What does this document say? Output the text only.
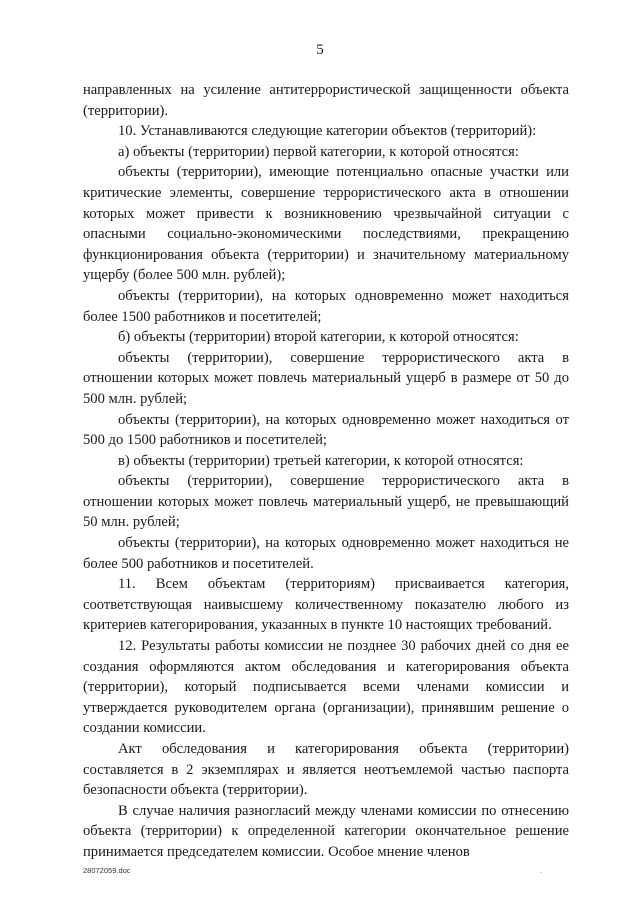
5

направленных на усиление антитеррористической защищенности объекта (территории).

10. Устанавливаются следующие категории объектов (территорий):

а) объекты (территории) первой категории, к которой относятся:

объекты (территории), имеющие потенциально опасные участки или критические элементы, совершение террористического акта в отношении которых может привести к возникновению чрезвычайной ситуации с опасными социально-экономическими последствиями, прекращению функционирования объекта (территории) и значительному материальному ущербу (более 500 млн. рублей);

объекты (территории), на которых одновременно может находиться более 1500 работников и посетителей;

б) объекты (территории) второй категории, к которой относятся:

объекты (территории), совершение террористического акта в отношении которых может повлечь материальный ущерб в размере от 50 до 500 млн. рублей;

объекты (территории), на которых одновременно может находиться от 500 до 1500 работников и посетителей;

в) объекты (территории) третьей категории, к которой относятся:

объекты (территории), совершение террористического акта в отношении которых может повлечь материальный ущерб, не превышающий 50 млн. рублей;

объекты (территории), на которых одновременно может находиться не более 500 работников и посетителей.

11. Всем объектам (территориям) присваивается категория, соответствующая наивысшему количественному показателю любого из критериев категорирования, указанных в пункте 10 настоящих требований.

12. Результаты работы комиссии не позднее 30 рабочих дней со дня ее создания оформляются актом обследования и категорирования объекта (территории), который подписывается всеми членами комиссии и утверждается руководителем органа (организации), принявшим решение о создании комиссии.

Акт обследования и категорирования объекта (территории) составляется в 2 экземплярах и является неотъемлемой частью паспорта безопасности объекта (территории).

В случае наличия разногласий между членами комиссии по отнесению объекта (территории) к определенной категории окончательное решение принимается председателем комиссии. Особое мнение членов

28072059.doc	.
